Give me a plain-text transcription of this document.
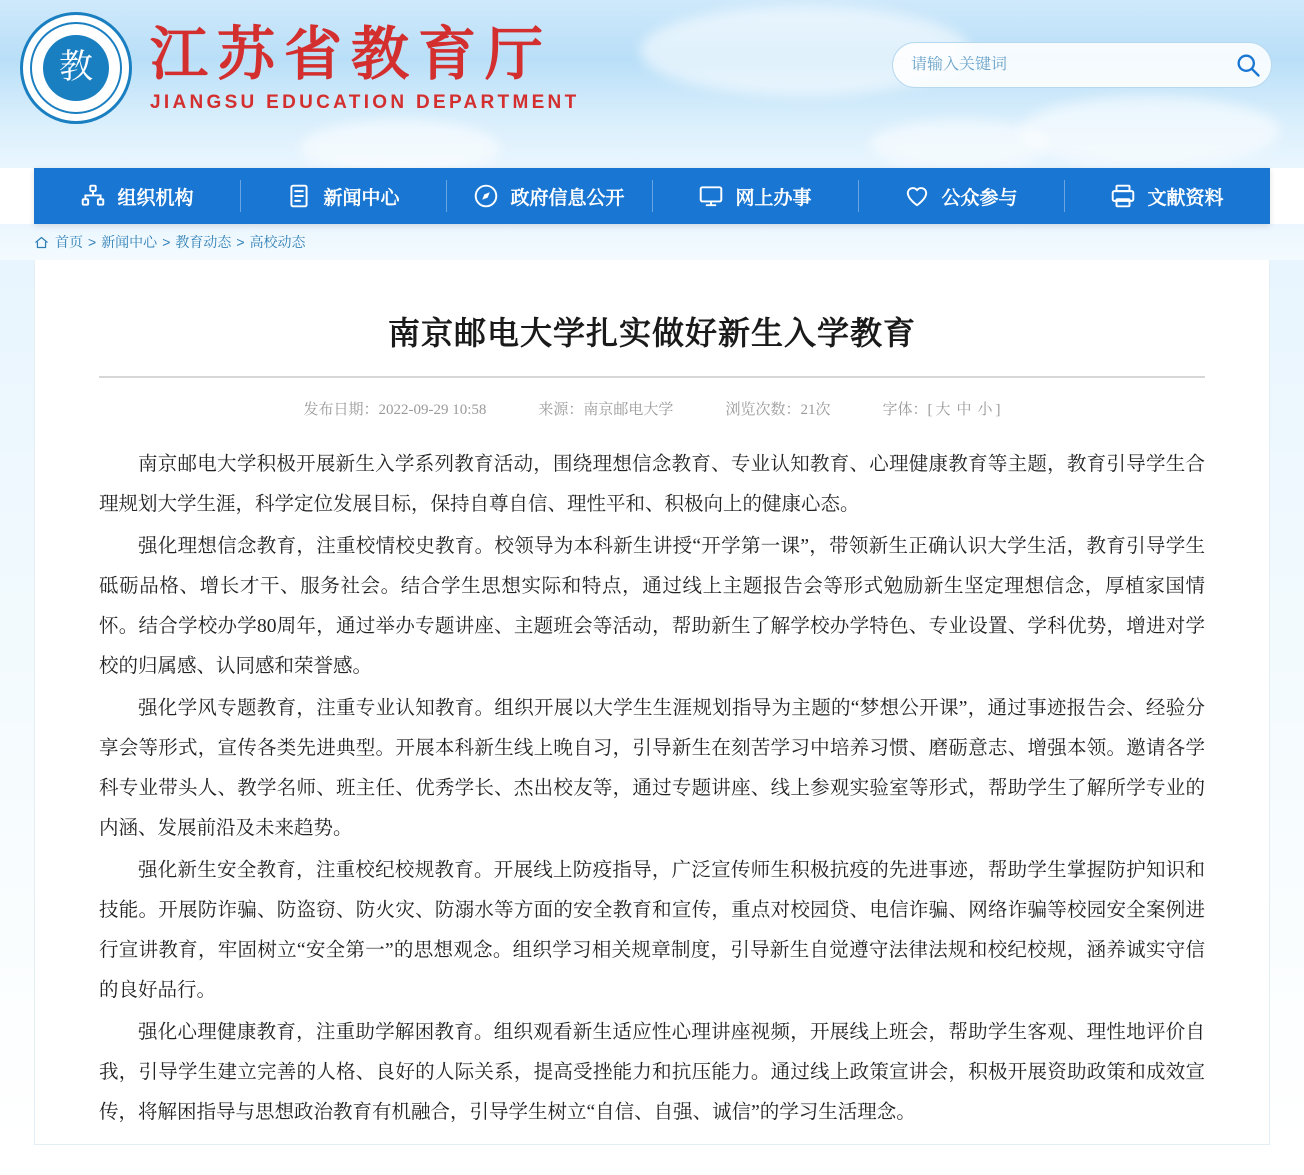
教 江苏省教育厅
JIANGSU EDUCATION DEPARTMENT
请输入关键词
组织机构	新闻中心	政府信息公开	网上办事	公众参与	文献资料
首页 > 新闻中心 > 教育动态 > 高校动态
南京邮电大学扎实做好新生入学教育
发布日期：2022-09-29 10:58	来源：南京邮电大学	浏览次数：21次	字体：[ 大 中 小 ]

南京邮电大学积极开展新生入学系列教育活动，围绕理想信念教育、专业认知教育、心理健康教育等主题，教育引导学生合理规划大学生涯，科学定位发展目标，保持自尊自信、理性平和、积极向上的健康心态。

强化理想信念教育，注重校情校史教育。校领导为本科新生讲授“开学第一课”，带领新生正确认识大学生活，教育引导学生砥砺品格、增长才干、服务社会。结合学生思想实际和特点，通过线上主题报告会等形式勉励新生坚定理想信念，厚植家国情怀。结合学校办学80周年，通过举办专题讲座、主题班会等活动，帮助新生了解学校办学特色、专业设置、学科优势，增进对学校的归属感、认同感和荣誉感。

强化学风专题教育，注重专业认知教育。组织开展以大学生生涯规划指导为主题的“梦想公开课”，通过事迹报告会、经验分享会等形式，宣传各类先进典型。开展本科新生线上晚自习，引导新生在刻苦学习中培养习惯、磨砺意志、增强本领。邀请各学科专业带头人、教学名师、班主任、优秀学长、杰出校友等，通过专题讲座、线上参观实验室等形式，帮助学生了解所学专业的内涵、发展前沿及未来趋势。

强化新生安全教育，注重校纪校规教育。开展线上防疫指导，广泛宣传师生积极抗疫的先进事迹，帮助学生掌握防护知识和技能。开展防诈骗、防盗窃、防火灾、防溺水等方面的安全教育和宣传，重点对校园贷、电信诈骗、网络诈骗等校园安全案例进行宣讲教育，牢固树立“安全第一”的思想观念。组织学习相关规章制度，引导新生自觉遵守法律法规和校纪校规，涵养诚实守信的良好品行。

强化心理健康教育，注重助学解困教育。组织观看新生适应性心理讲座视频，开展线上班会，帮助学生客观、理性地评价自我，引导学生建立完善的人格、良好的人际关系，提高受挫能力和抗压能力。通过线上政策宣讲会，积极开展资助政策和成效宣传，将解困指导与思想政治教育有机融合，引导学生树立“自信、自强、诚信”的学习生活理念。
